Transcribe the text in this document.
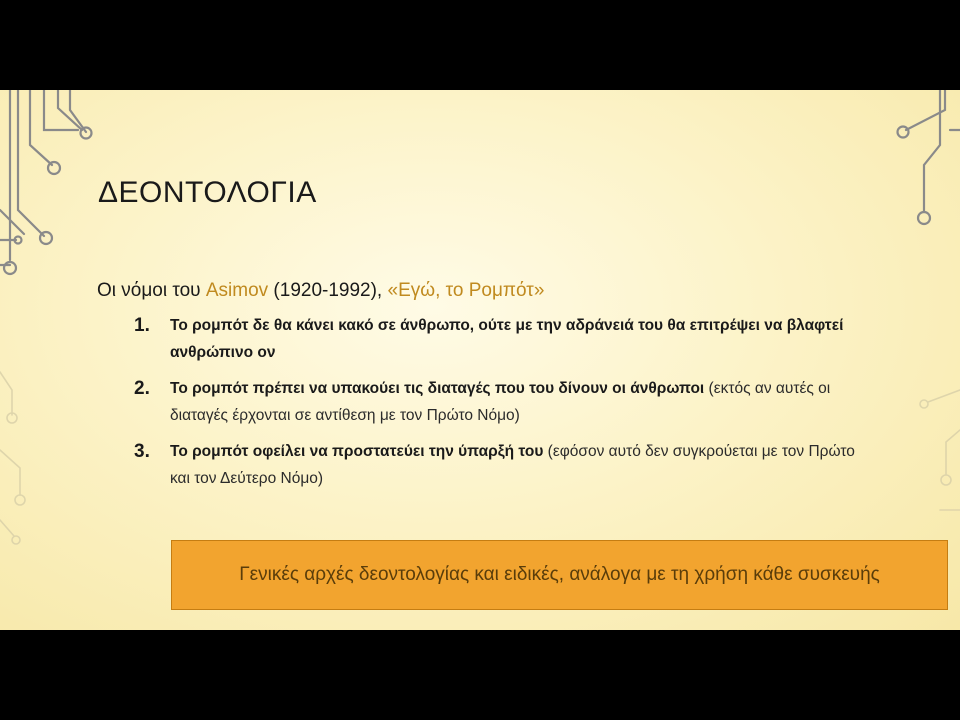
ΔΕΟΝΤΟΛΟΓΙΑ
Οι νόμοι του Asimov (1920-1992), «Εγώ, το Ρομπότ»
1. Το ρομπότ δε θα κάνει κακό σε άνθρωπο, ούτε με την αδράνειά του θα επιτρέψει να βλαφτεί ανθρώπινο ον
2. Το ρομπότ πρέπει να υπακούει τις διαταγές που του δίνουν οι άνθρωποι (εκτός αν αυτές οι διαταγές έρχονται σε αντίθεση με τον Πρώτο Νόμο)
3. Το ρομπότ οφείλει να προστατεύει την ύπαρξή του (εφόσον αυτό δεν συγκρούεται με τον Πρώτο και τον Δεύτερο Νόμο)
Γενικές αρχές δεοντολογίας και ειδικές, ανάλογα με τη χρήση κάθε συσκευής
